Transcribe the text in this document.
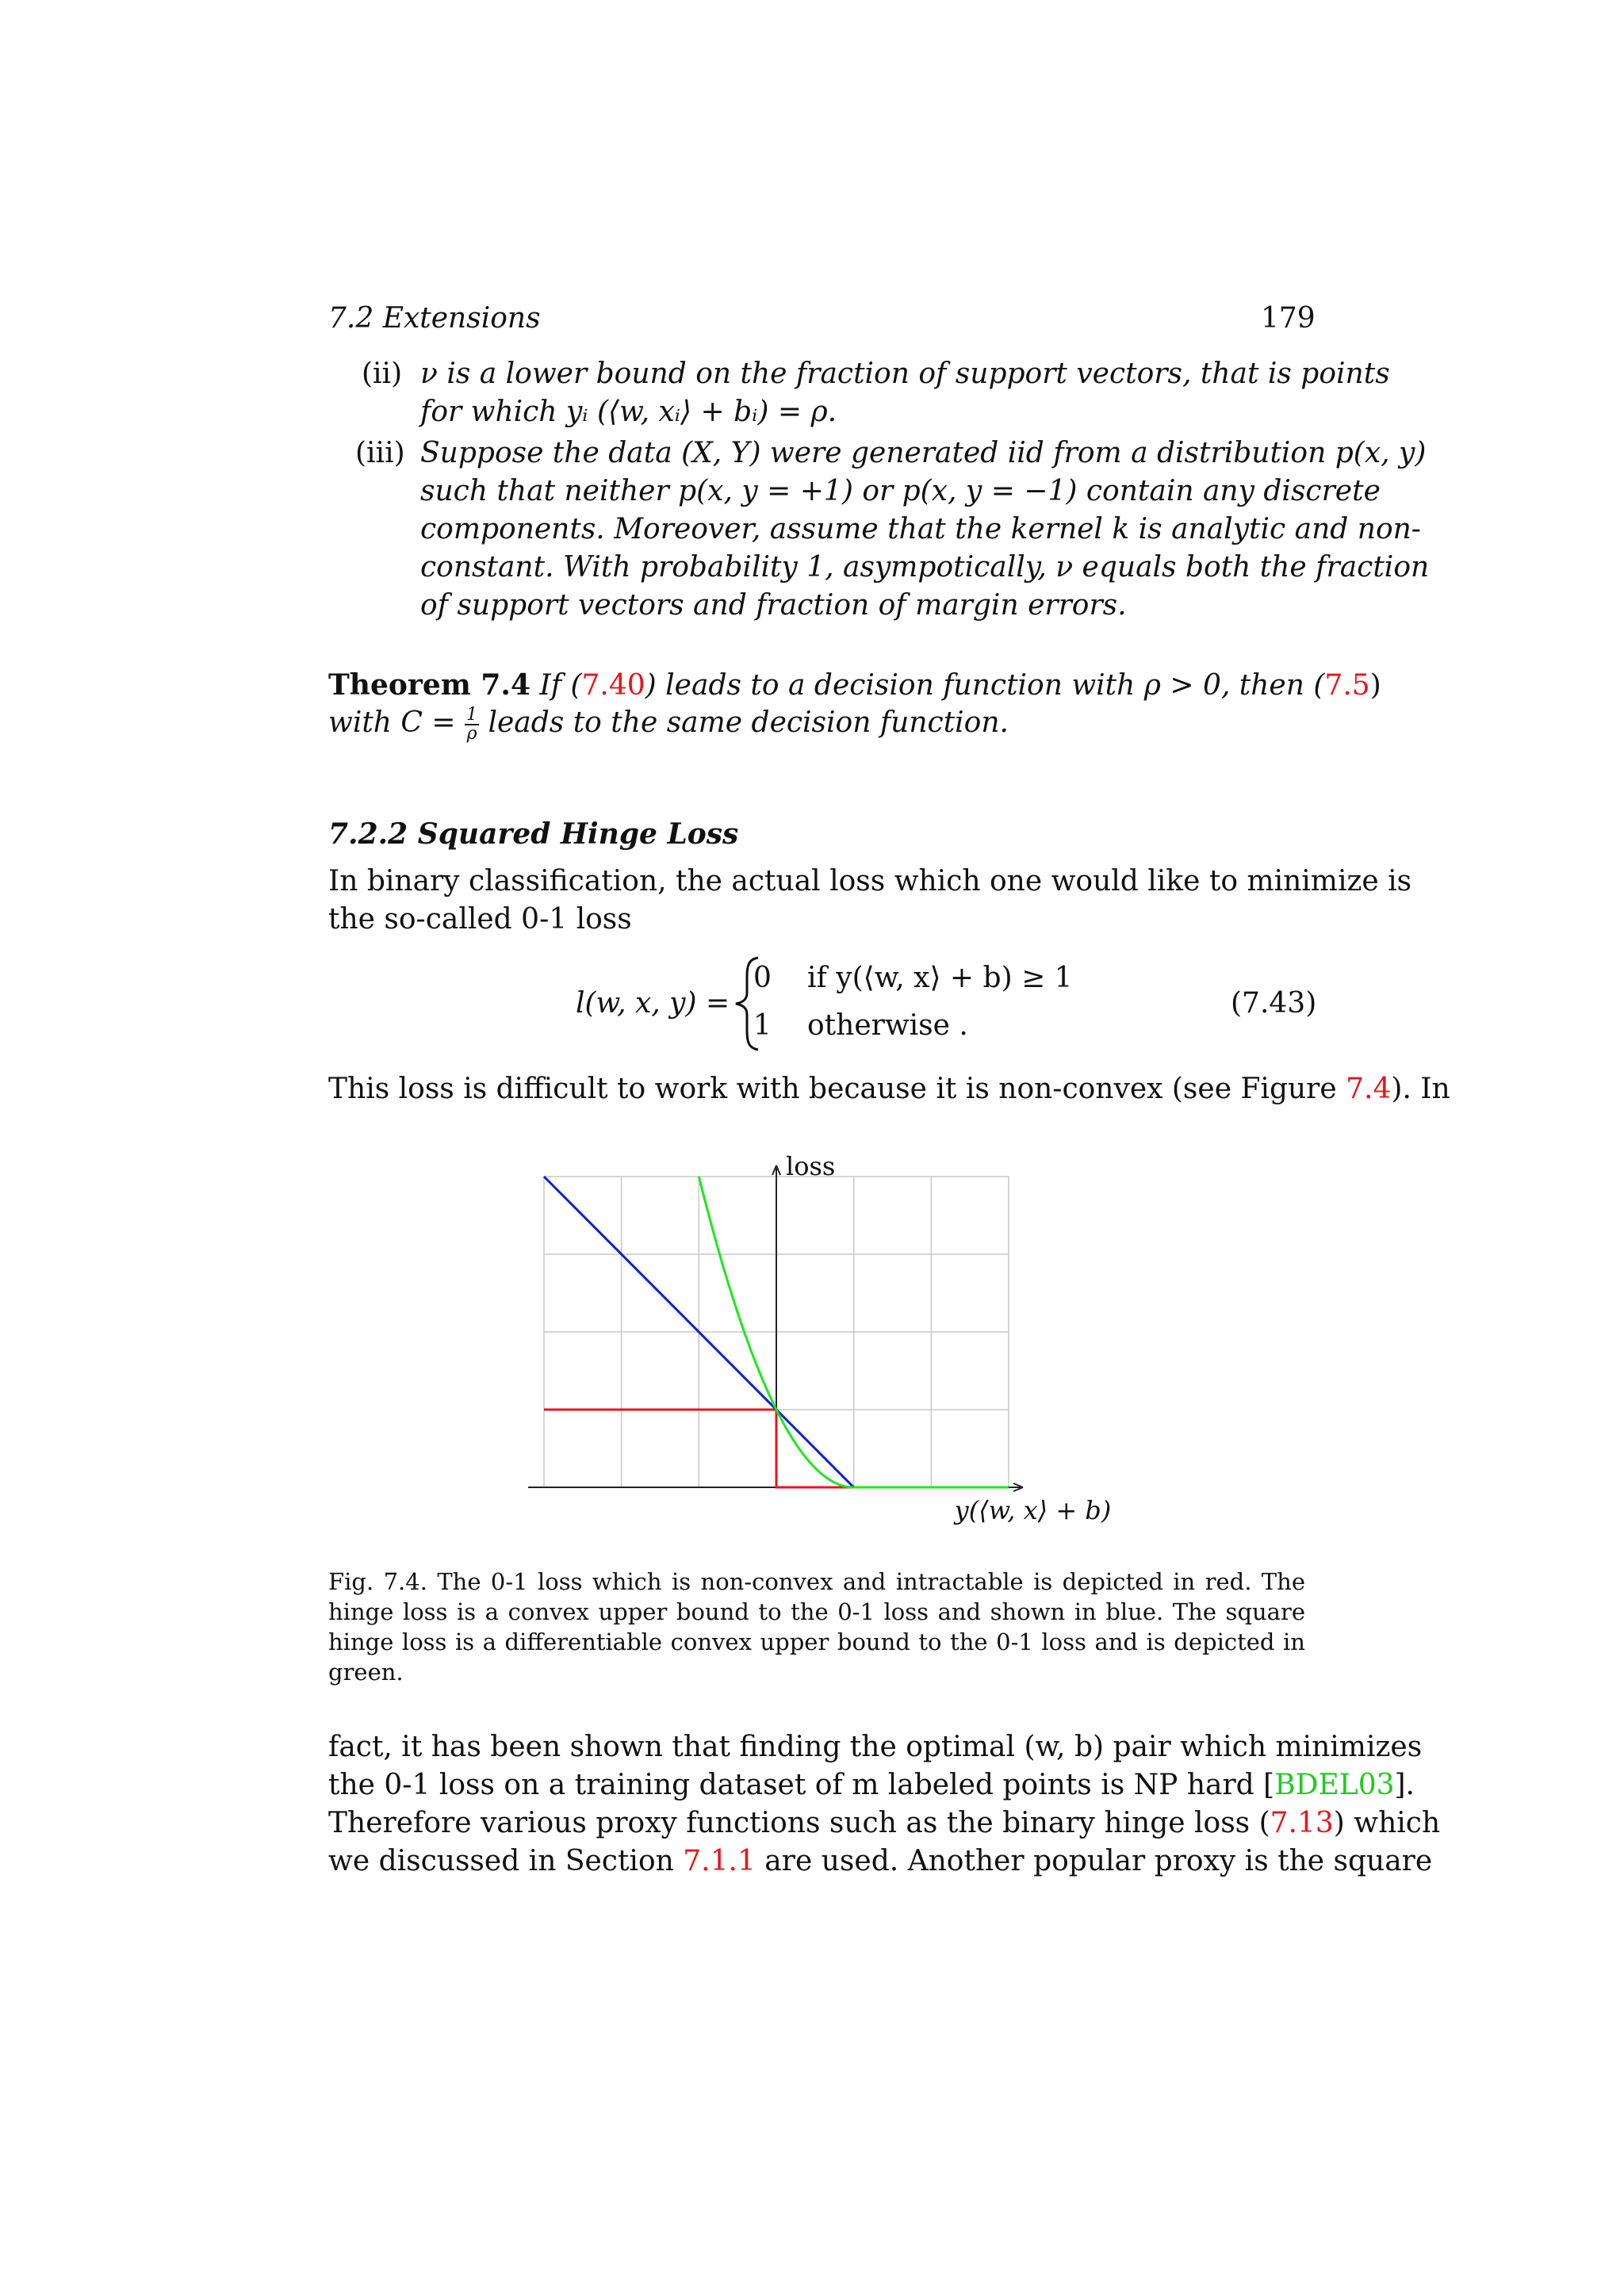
7.2 Extensions	179
(ii) ν is a lower bound on the fraction of support vectors, that is points
for which yᵢ (⟨w, xᵢ⟩ + bᵢ) = ρ.
(iii) Suppose the data (X, Y) were generated iid from a distribution p(x, y)
such that neither p(x, y = +1) or p(x, y = −1) contain any discrete
components. Moreover, assume that the kernel k is analytic and non-
constant. With probability 1, asympotically, ν equals both the fraction
of support vectors and fraction of margin errors.
Theorem 7.4 If (7.40) leads to a decision function with ρ > 0, then (7.5)
with $C = \frac{1}{\rho}$ leads to the same decision function.
7.2.2 Squared Hinge Loss
In binary classification, the actual loss which one would like to minimize is
the so-called 0-1 loss
l(w, x, y) =
0 if y(⟨w, x⟩ + b) ≥ 1
1 otherwise .
(7.43)
This loss is difficult to work with because it is non-convex (see Figure 7.4). In
loss
y(⟨w, x⟩ + b)
Fig. 7.4. The 0-1 loss which is non-convex and intractable is depicted in red. The
hinge loss is a convex upper bound to the 0-1 loss and shown in blue. The square
hinge loss is a differentiable convex upper bound to the 0-1 loss and is depicted in
green.
fact, it has been shown that finding the optimal (w, b) pair which minimizes
the 0-1 loss on a training dataset of m labeled points is NP hard [BDEL03].
Therefore various proxy functions such as the binary hinge loss (7.13) which
we discussed in Section 7.1.1 are used. Another popular proxy is the square
